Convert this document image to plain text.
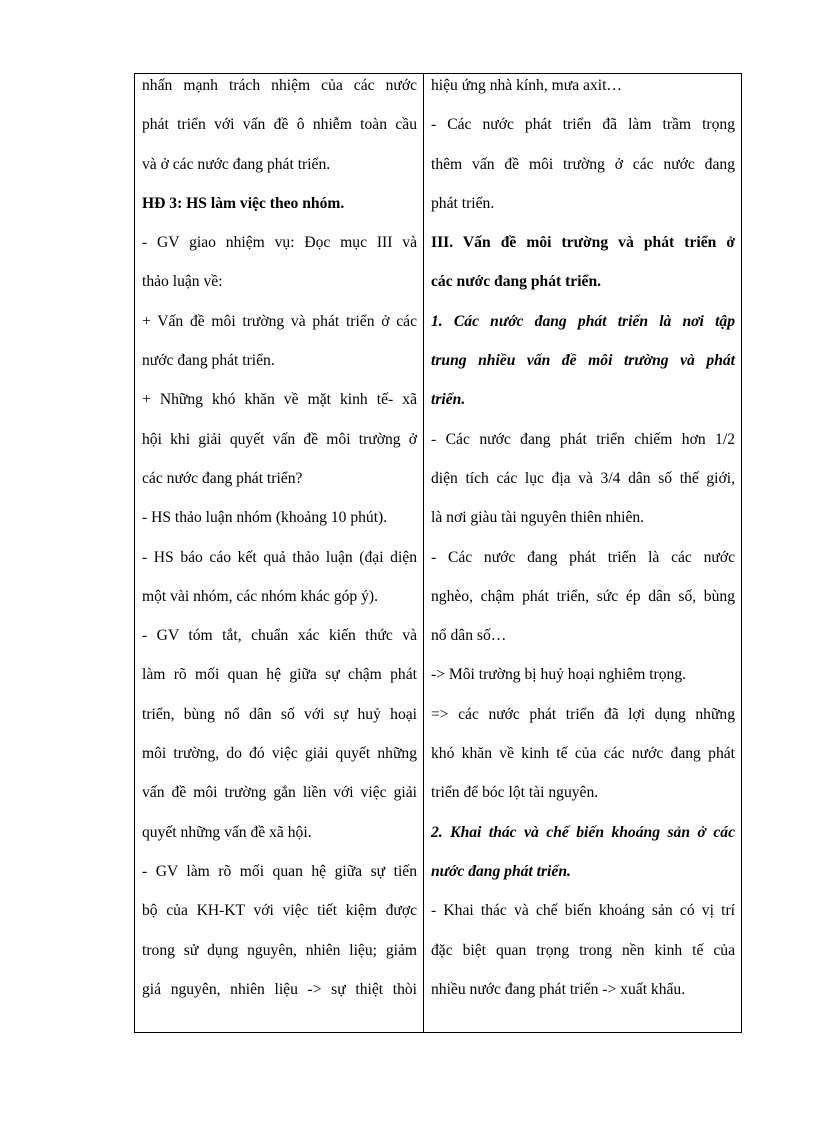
nhấn mạnh trách nhiệm của các nước

phát triển với vấn đề ô nhiễm toàn cầu

và ở các nước đang phát triển.

HĐ 3: HS làm việc theo nhóm.

- GV giao nhiệm vụ: Đọc mục III và

thảo luận về:

+ Vấn đề môi trường và phát triển ở các

nước đang phát triển.

+ Những khó khăn về mặt kinh tế- xã

hội khi giải quyết vấn đề môi trường ở

các nước đang phát triển?

- HS thảo luận nhóm (khoảng 10 phút).

- HS báo cáo kết quả thảo luận (đại diện

một vài nhóm, các nhóm khác góp ý).

- GV tóm tắt, chuẩn xác kiến thức và

làm rõ mối quan hệ giữa sự chậm phát

triển, bùng nổ dân số với sự huỷ hoại

môi trường, do đó việc giải quyết những

vấn đề môi trường gắn liền với việc giải

quyết những vấn đề xã hội.

- GV làm rõ mối quan hệ giữa sự tiến

bộ của KH-KT với việc tiết kiệm được

trong sử dụng nguyên, nhiên liệu; giảm

giá nguyên, nhiên liệu -> sự thiệt thòi

hiệu ứng nhà kính, mưa axit…

- Các nước phát triển đã làm trầm trọng

thêm vấn đề môi trường ở các nước đang

phát triển.

III. Vấn đề môi trường và phát triển ở

các nước đang phát triển.

1. Các nước đang phát triển là nơi tập

trung nhiều vấn đề môi trường và phát

triển.

- Các nước đang phát triển chiếm hơn 1/2

diện tích các lục địa và 3/4 dân số thế giới,

là nơi giàu tài nguyên thiên nhiên.

- Các nước đang phát triển là các nước

nghèo, chậm phát triển, sức ép dân số, bùng

nổ dân số…

-> Môi trường bị huỷ hoại nghiêm trọng.

=> các nước phát triển đã lợi dụng những

khó khăn về kinh tế của các nước đang phát

triển để bóc lột tài nguyên.

2. Khai thác và chế biến khoáng sản ở các

nước đang phát triển.

- Khai thác và chế biến khoáng sản có vị trí

đặc biệt quan trọng trong nền kinh tế của

nhiều nước đang phát triển -> xuất khẩu.
